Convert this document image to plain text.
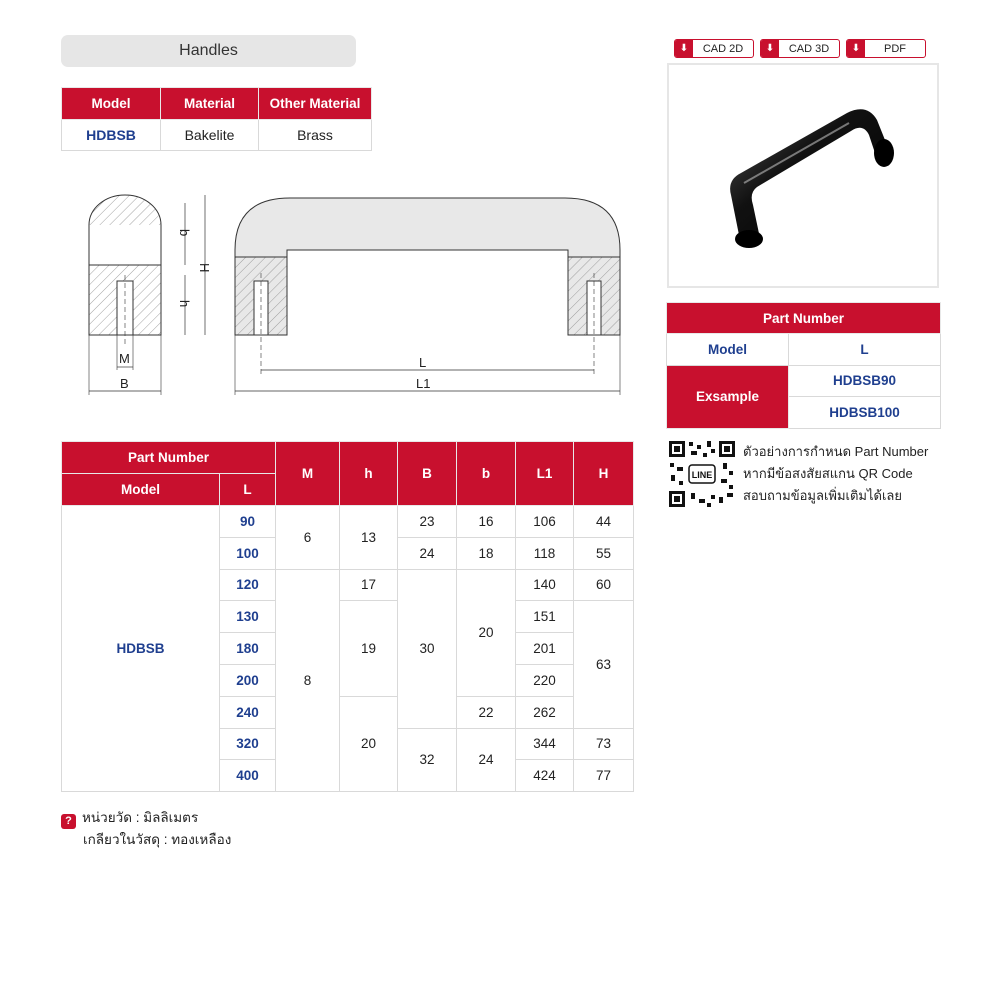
Handles	⬇	CAD 2D	⬇	CAD 3D	⬇	PDF
Model	Material	Other Material
HDBSB	Bakelite	Brass
b
H
h
M
B
L
L1
Part Number	
Model	L
Exsample	HDBSB90
	HDBSB100
LINE
ตัวอย่างการกำหนด Part Number
หากมีข้อสงสัยสแกน QR Code
สอบถามข้อมูลเพิ่มเติมได้เลย
Part Number		M	h	B	b	L1	H
Model	L						
HDBSB	90	6	13	23	16	106	44
	100			24	18	118	55
	120	8	17	30	20	140	60
	130		19			151	63
	180					201	
	200					220	
	240		20		22	262	
	320			32	24	344	73
	400					424	77
? หน่วยวัด : มิลลิเมตร
เกลียวในวัสดุ : ทองเหลือง
